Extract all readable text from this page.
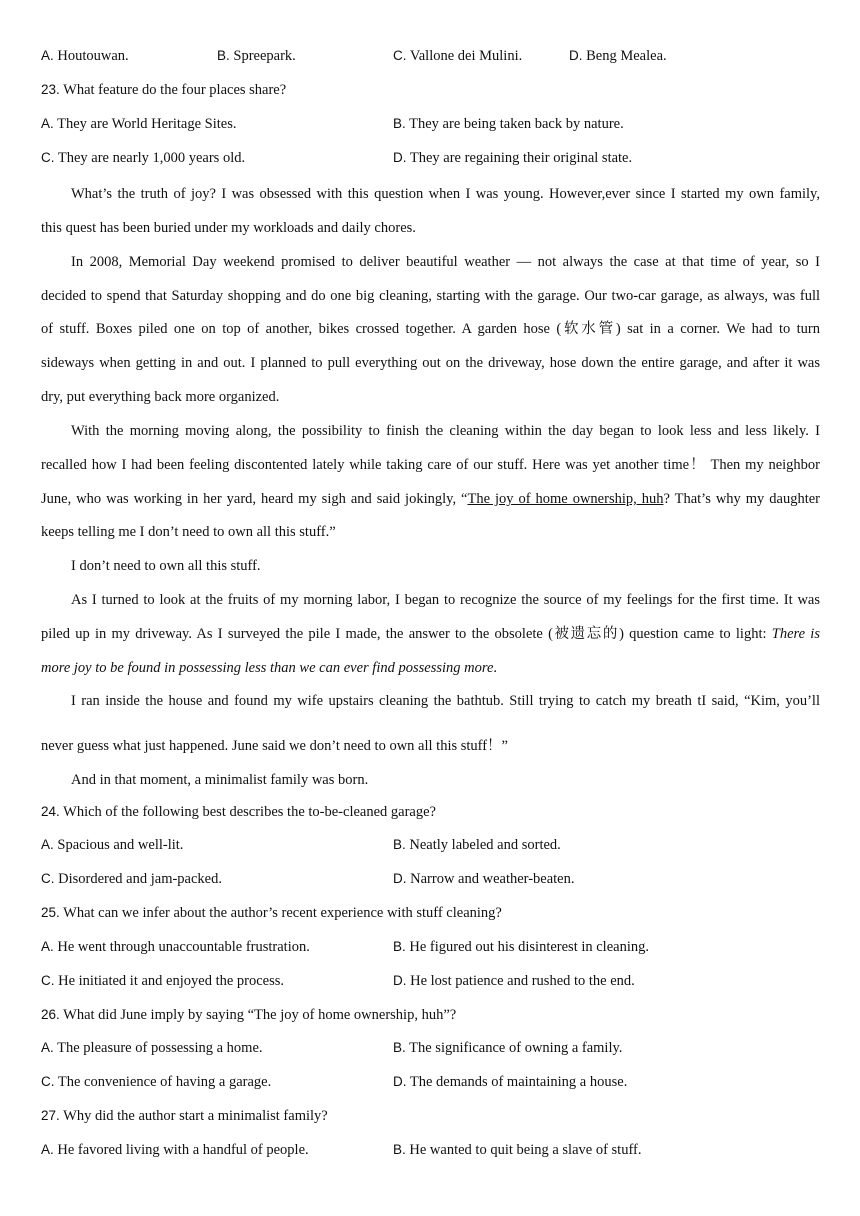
A. Houtouwan.	B. Spreepark.	C. Vallone dei Mulini.	D. Beng Mealea.
23. What feature do the four places share?
A. They are World Heritage Sites.	B. They are being taken back by nature.
C. They are nearly 1,000 years old.	D. They are regaining their original state.
What’s the truth of joy? I was obsessed with this question when I was young. However,ever since I started my own family,
this quest has been buried under my workloads and daily chores.
In 2008, Memorial Day weekend promised to deliver beautiful weather — not always the case at that time of year, so I
decided to spend that Saturday shopping and do one big cleaning, starting with the garage. Our two-car garage, as always, was full
of stuff. Boxes piled one on top of another, bikes crossed together. A garden hose (软水管) sat in a corner. We had to turn
sideways when getting in and out. I planned to pull everything out on the driveway, hose down the entire garage, and after it was
dry, put everything back more organized.
With the morning moving along, the possibility to finish the cleaning within the day began to look less and less likely. I
recalled how I had been feeling discontented lately while taking care of our stuff. Here was yet another time！ Then my neighbor
June, who was working in her yard, heard my sigh and said jokingly, “The joy of home ownership, huh? That’s why my daughter
keeps telling me I don’t need to own all this stuff.”
I don’t need to own all this stuff.
As I turned to look at the fruits of my morning labor, I began to recognize the source of my feelings for the first time. It was
piled up in my driveway. As I surveyed the pile I made, the answer to the obsolete (被遗忘的) question came to light: There is
more joy to be found in possessing less than we can ever find possessing more.
I ran inside the house and found my wife upstairs cleaning the bathtub. Still trying to catch my breath tI said, “Kim, you’ll
never guess what just happened. June said we don’t need to own all this stuff！”
And in that moment, a minimalist family was born.
24. Which of the following best describes the to-be-cleaned garage?
A. Spacious and well-lit.	B. Neatly labeled and sorted.
C. Disordered and jam-packed.	D. Narrow and weather-beaten.
25. What can we infer about the author’s recent experience with stuff cleaning?
A. He went through unaccountable frustration.	B. He figured out his disinterest in cleaning.
C. He initiated it and enjoyed the process.	D. He lost patience and rushed to the end.
26. What did June imply by saying “The joy of home ownership, huh”?
A. The pleasure of possessing a home.	B. The significance of owning a family.
C. The convenience of having a garage.	D. The demands of maintaining a house.
27. Why did the author start a minimalist family?
A. He favored living with a handful of people.	B. He wanted to quit being a slave of stuff.
